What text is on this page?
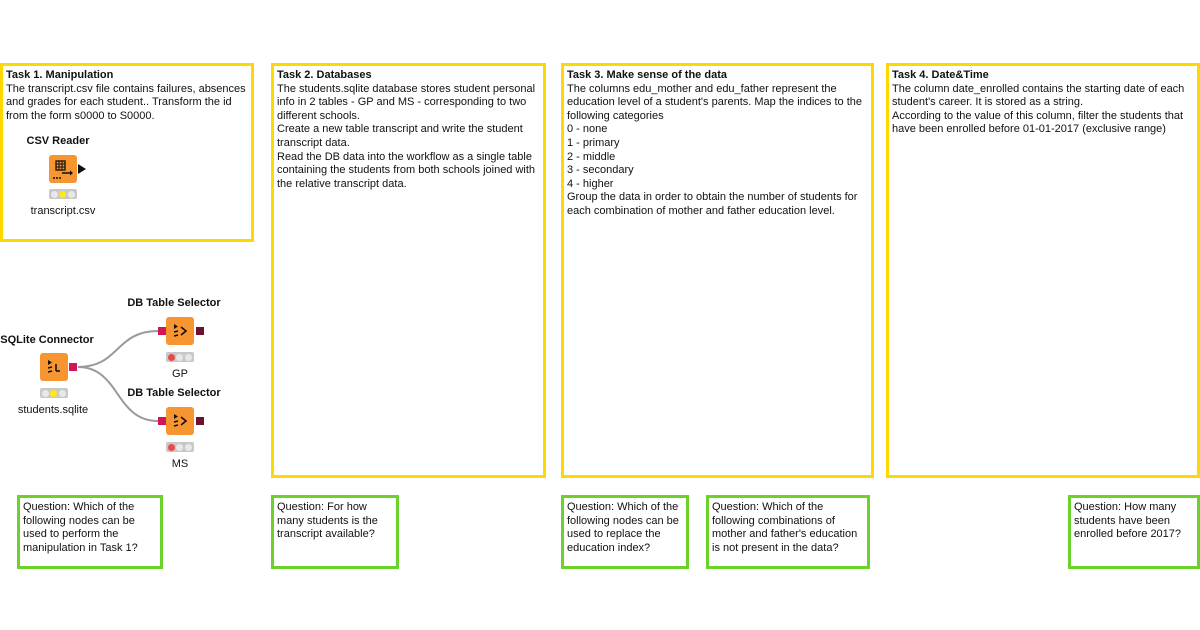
Task 1. Manipulation
The transcript.csv file contains failures, absences and grades for each student.. Transform the id from the form s0000 to S0000.
Task 2. Databases
The students.sqlite database stores student personal info in 2 tables - GP and MS - corresponding to two different schools.
Create a new table transcript and write the student transcript data.
Read the DB data into the workflow as a single table containing the students from both schools joined with the relative transcript data.
Task 3. Make sense of the data
The columns edu_mother and edu_father represent the education level of a student's parents. Map the indices to the following categories
0 - none
1 - primary
2 - middle
3 - secondary
4 - higher
Group the data in order to obtain the number of students for each combination of mother and father education level.
Task 4. Date&Time
The column date_enrolled contains the starting date of each student's career. It is stored as a string.
According to the value of this column, filter the students that have been enrolled before 01-01-2017 (exclusive range)
Question: Which of the following nodes can be used to perform the manipulation in Task 1?
Question: For how many students is the transcript available?
Question: Which of the following nodes can be used to replace the education index?
Question: Which of the following combinations of mother and father's education is not present in the data?
Question: How many students have been enrolled before 2017?
CSV Reader
transcript.csv
SQLite Connector
students.sqlite
DB Table Selector
GP
DB Table Selector
MS
